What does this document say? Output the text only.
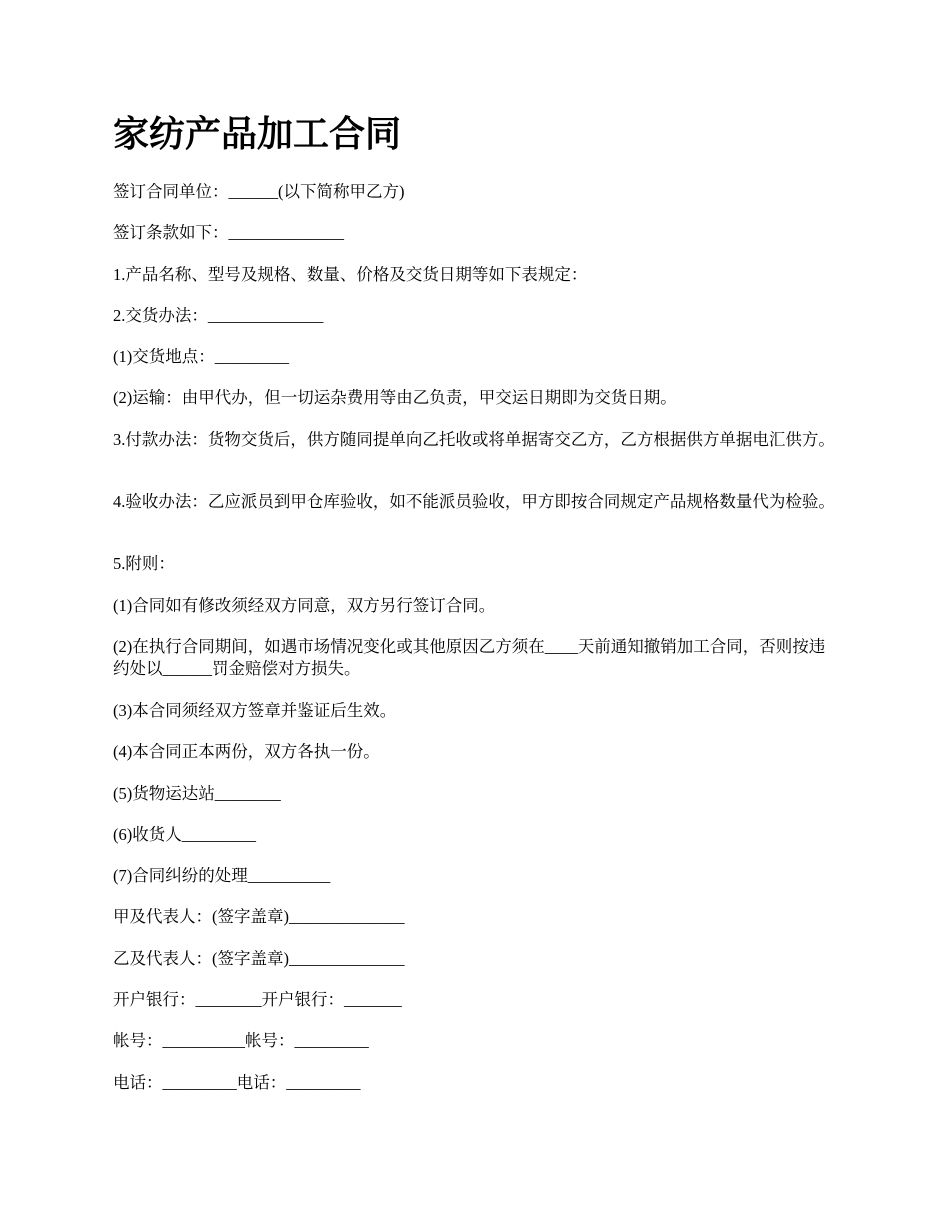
家纺产品加工合同

签订合同单位：______(以下简称甲乙方)

签订条款如下：______________

1.产品名称、型号及规格、数量、价格及交货日期等如下表规定：

2.交货办法：______________

(1)交货地点：_________

(2)运输：由甲代办，但一切运杂费用等由乙负责，甲交运日期即为交货日期。

3.付款办法：货物交货后，供方随同提单向乙托收或将单据寄交乙方，乙方根据供方单据电汇供方。

4.验收办法：乙应派员到甲仓库验收，如不能派员验收，甲方即按合同规定产品规格数量代为检验。

5.附则：

(1)合同如有修改须经双方同意，双方另行签订合同。

(2)在执行合同期间，如遇市场情况变化或其他原因乙方须在____天前通知撤销加工合同，否则按违约处以______罚金赔偿对方损失。

(3)本合同须经双方签章并鉴证后生效。

(4)本合同正本两份，双方各执一份。

(5)货物运达站________

(6)收货人_________

(7)合同纠纷的处理__________

甲及代表人：(签字盖章)______________

乙及代表人：(签字盖章)______________

开户银行：________开户银行：_______

帐号：__________帐号：_________

电话：_________电话：_________
